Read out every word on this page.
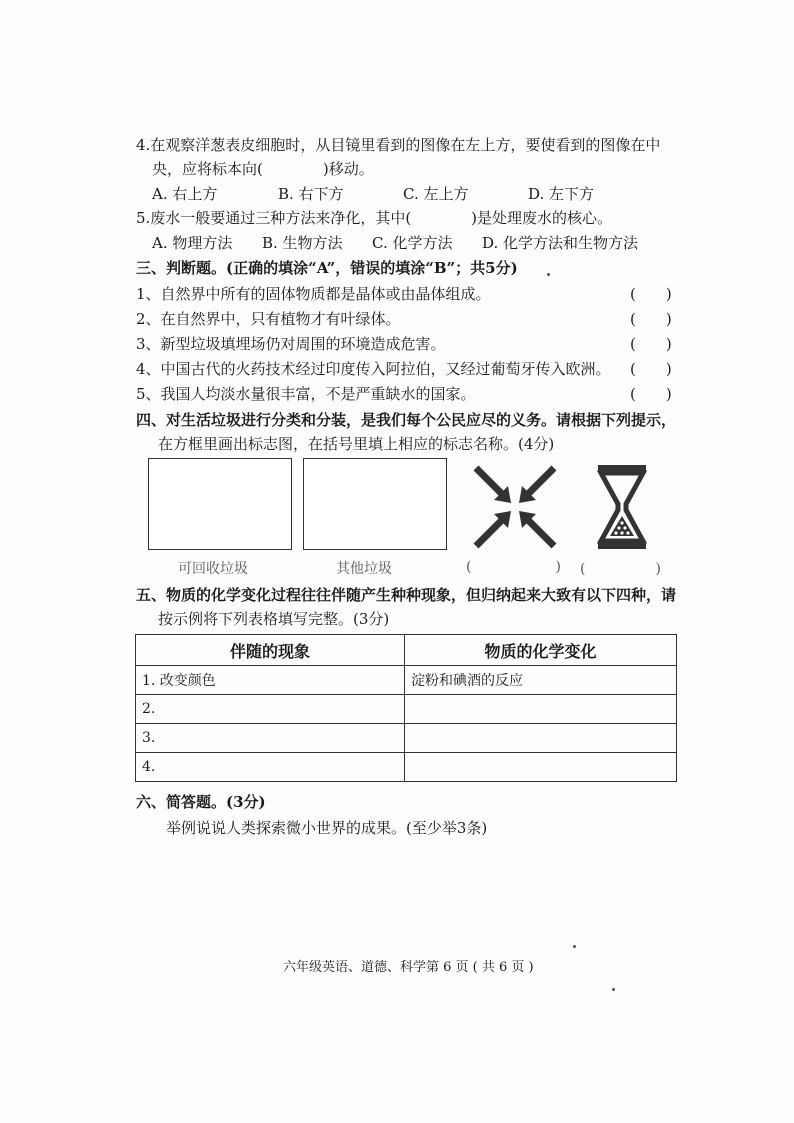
4.在观察洋葱表皮细胞时，从目镜里看到的图像在左上方，要使看到的图像在中
央，应将标本向(　　　　)移动。
A. 右上方	B. 右下方	C. 左上方	D. 左下方
5.废水一般要通过三种方法来净化，其中(　　　　)是处理废水的核心。
A. 物理方法 B. 生物方法 C. 化学方法 D. 化学方法和生物方法
三、判断题。(正确的填涂“A”，错误的填涂“B”；共5分)
1、自然界中所有的固体物质都是晶体或由晶体组成。	(　　)
2、在自然界中，只有植物才有叶绿体。	(　　)
3、新型垃圾填埋场仍对周围的环境造成危害。	(　　)
4、中国古代的火药技术经过印度传入阿拉伯，又经过葡萄牙传入欧洲。 (　　)
5、我国人均淡水量很丰富，不是严重缺水的国家。	(　　)
四、对生活垃圾进行分类和分装，是我们每个公民应尽的义务。请根据下列提示，
在方框里画出标志图，在括号里填上相应的标志名称。(4分)
可回收垃圾	其他垃圾	(　　　　　　) (　　　　　)
五、物质的化学变化过程往往伴随产生种种现象，但归纳起来大致有以下四种，请
按示例将下列表格填写完整。(3分)
伴随的现象	物质的化学变化
1. 改变颜色	淀粉和碘酒的反应
2.	
3.	
4.	
六、简答题。(3分)
举例说说人类探索微小世界的成果。(至少举3条)
六年级英语、道德、科学第 6 页 ( 共 6 页 )
